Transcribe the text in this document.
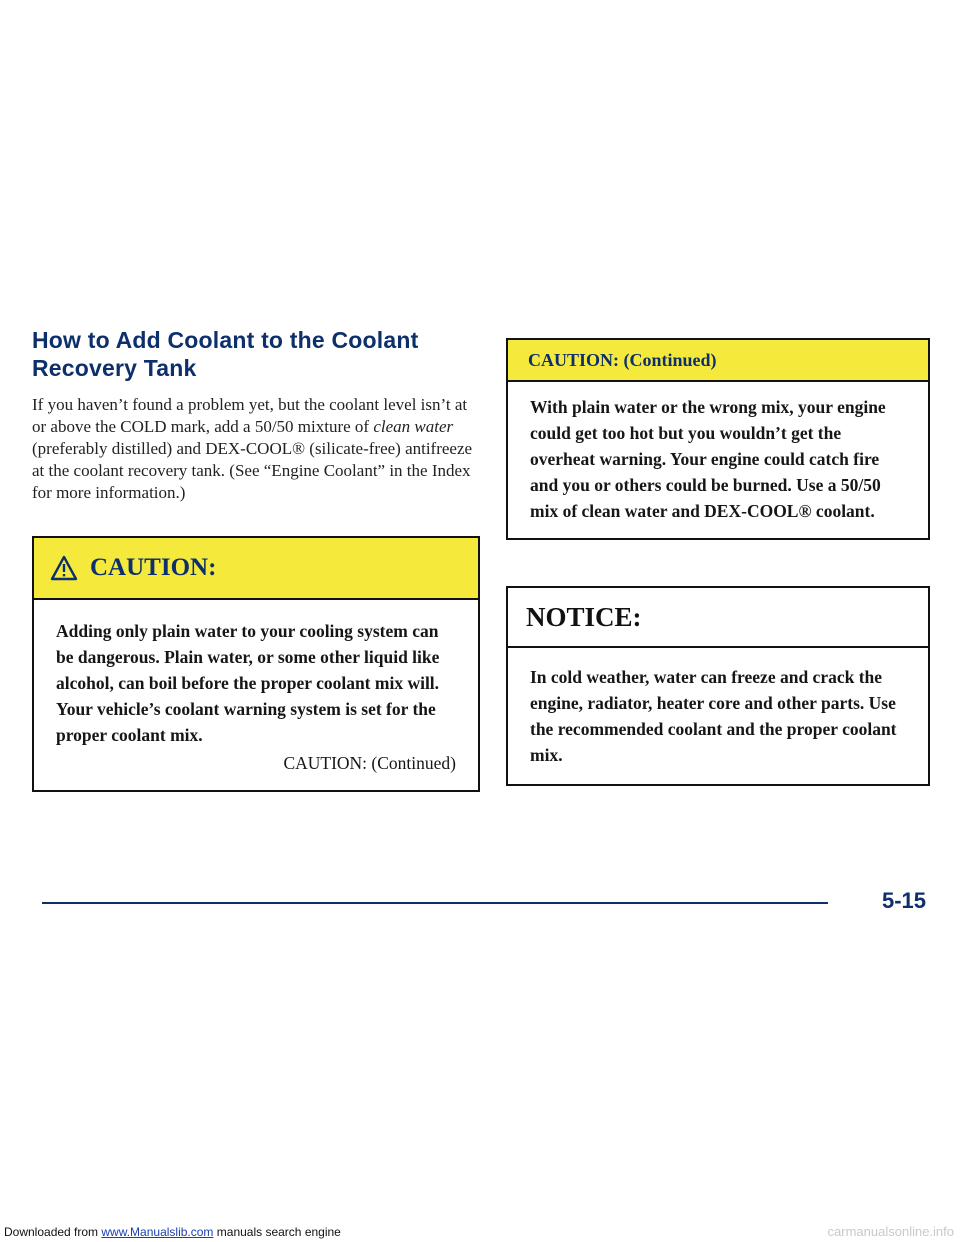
How to Add Coolant to the Coolant
Recovery Tank

If you haven’t found a problem yet, but the coolant level isn’t at or above the COLD mark, add a 50/50 mixture of clean water (preferably distilled) and DEX-COOL® (silicate-free) antifreeze at the coolant recovery tank. (See “Engine Coolant” in the Index for more information.)

CAUTION:
Adding only plain water to your cooling system can be dangerous. Plain water, or some other liquid like alcohol, can boil before the proper coolant mix will. Your vehicle’s coolant warning system is set for the proper coolant mix.
CAUTION: (Continued)
CAUTION: (Continued)
With plain water or the wrong mix, your engine could get too hot but you wouldn’t get the overheat warning. Your engine could catch fire and you or others could be burned. Use a 50/50 mix of clean water and DEX-COOL® coolant.
NOTICE:
In cold weather, water can freeze and crack the engine, radiator, heater core and other parts. Use the recommended coolant and the proper coolant mix.
5-15
Downloaded from www.Manualslib.com manuals search engine	carmanualsonline.info
